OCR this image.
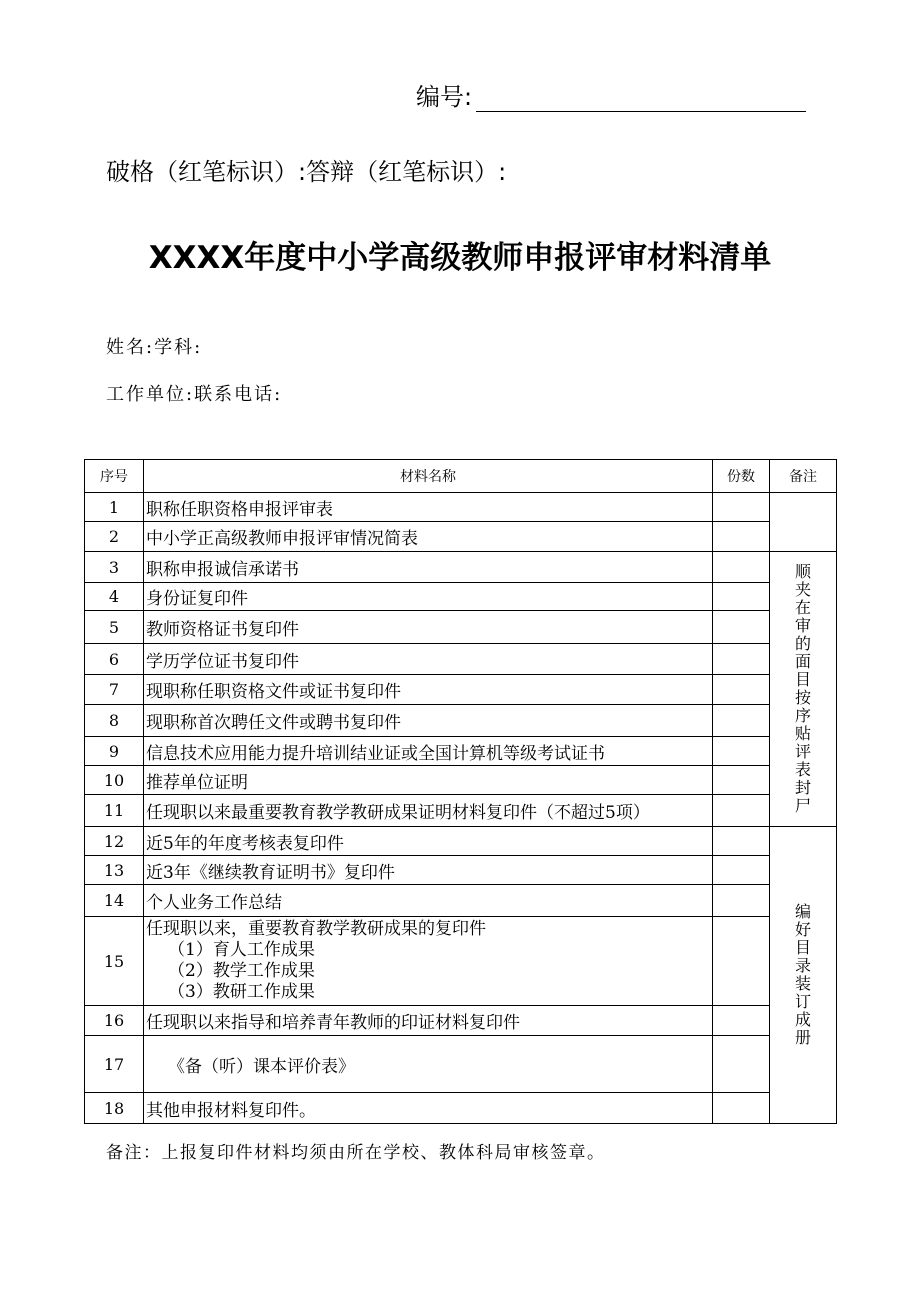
编号:
破格（红笔标识）:答辩（红笔标识）:
XXXX年度中小学高级教师申报评审材料清单
姓名:学科:
工作单位:联系电话:
序号	材料名称	份数	备注
1	职称任职资格申报评审表		
2	中小学正高级教师申报评审情况简表		
3	职称申报诚信承诺书		顺夹在审的面目按序贴评表封尸
4	身份证复印件		
5	教师资格证书复印件		
6	学历学位证书复印件		
7	现职称任职资格文件或证书复印件		
8	现职称首次聘任文件或聘书复印件		
9	信息技术应用能力提升培训结业证或全国计算机等级考试证书		
10	推荐单位证明		
11	任现职以来最重要教育教学教研成果证明材料复印件（不超过5项）		
12	近5年的年度考核表复印件		编好目录装订成册
13	近3年《继续教育证明书》复印件		
14	个人业务工作总结		
15	任现职以来，重要教育教学教研成果的复印件
（1）育人工作成果
（2）教学工作成果
（3）教研工作成果		

16	任现职以来指导和培养青年教师的印证材料复印件		
17	《备（听）课本评价表》		
18	其他申报材料复印件。		
备注：上报复印件材料均须由所在学校、教体科局审核签章。
